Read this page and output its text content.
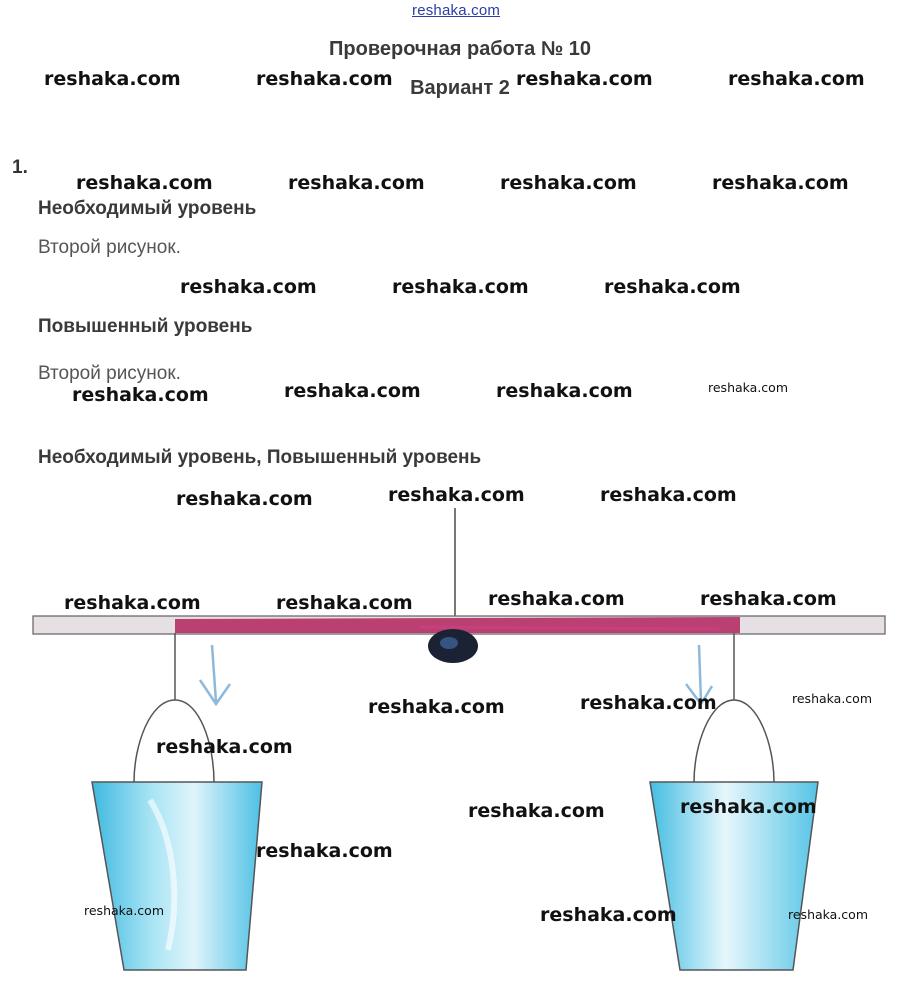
reshaka.com
Проверочная работа № 10
Вариант 2
1.
Необходимый уровень
Второй рисунок.
Повышенный уровень
Второй рисунок.
Необходимый уровень, Повышенный уровень
reshaka.com	reshaka.com	reshaka.com	reshaka.com
reshaka.com	reshaka.com	reshaka.com	reshaka.com
reshaka.com	reshaka.com	reshaka.com
reshaka.com	reshaka.com	reshaka.com	reshaka.com
reshaka.com	reshaka.com	reshaka.com
reshaka.com	reshaka.com	reshaka.com	reshaka.com
reshaka.com	reshaka.com	reshaka.com
reshaka.com
reshaka.com	reshaka.com
reshaka.com
reshaka.com	reshaka.com	reshaka.com
